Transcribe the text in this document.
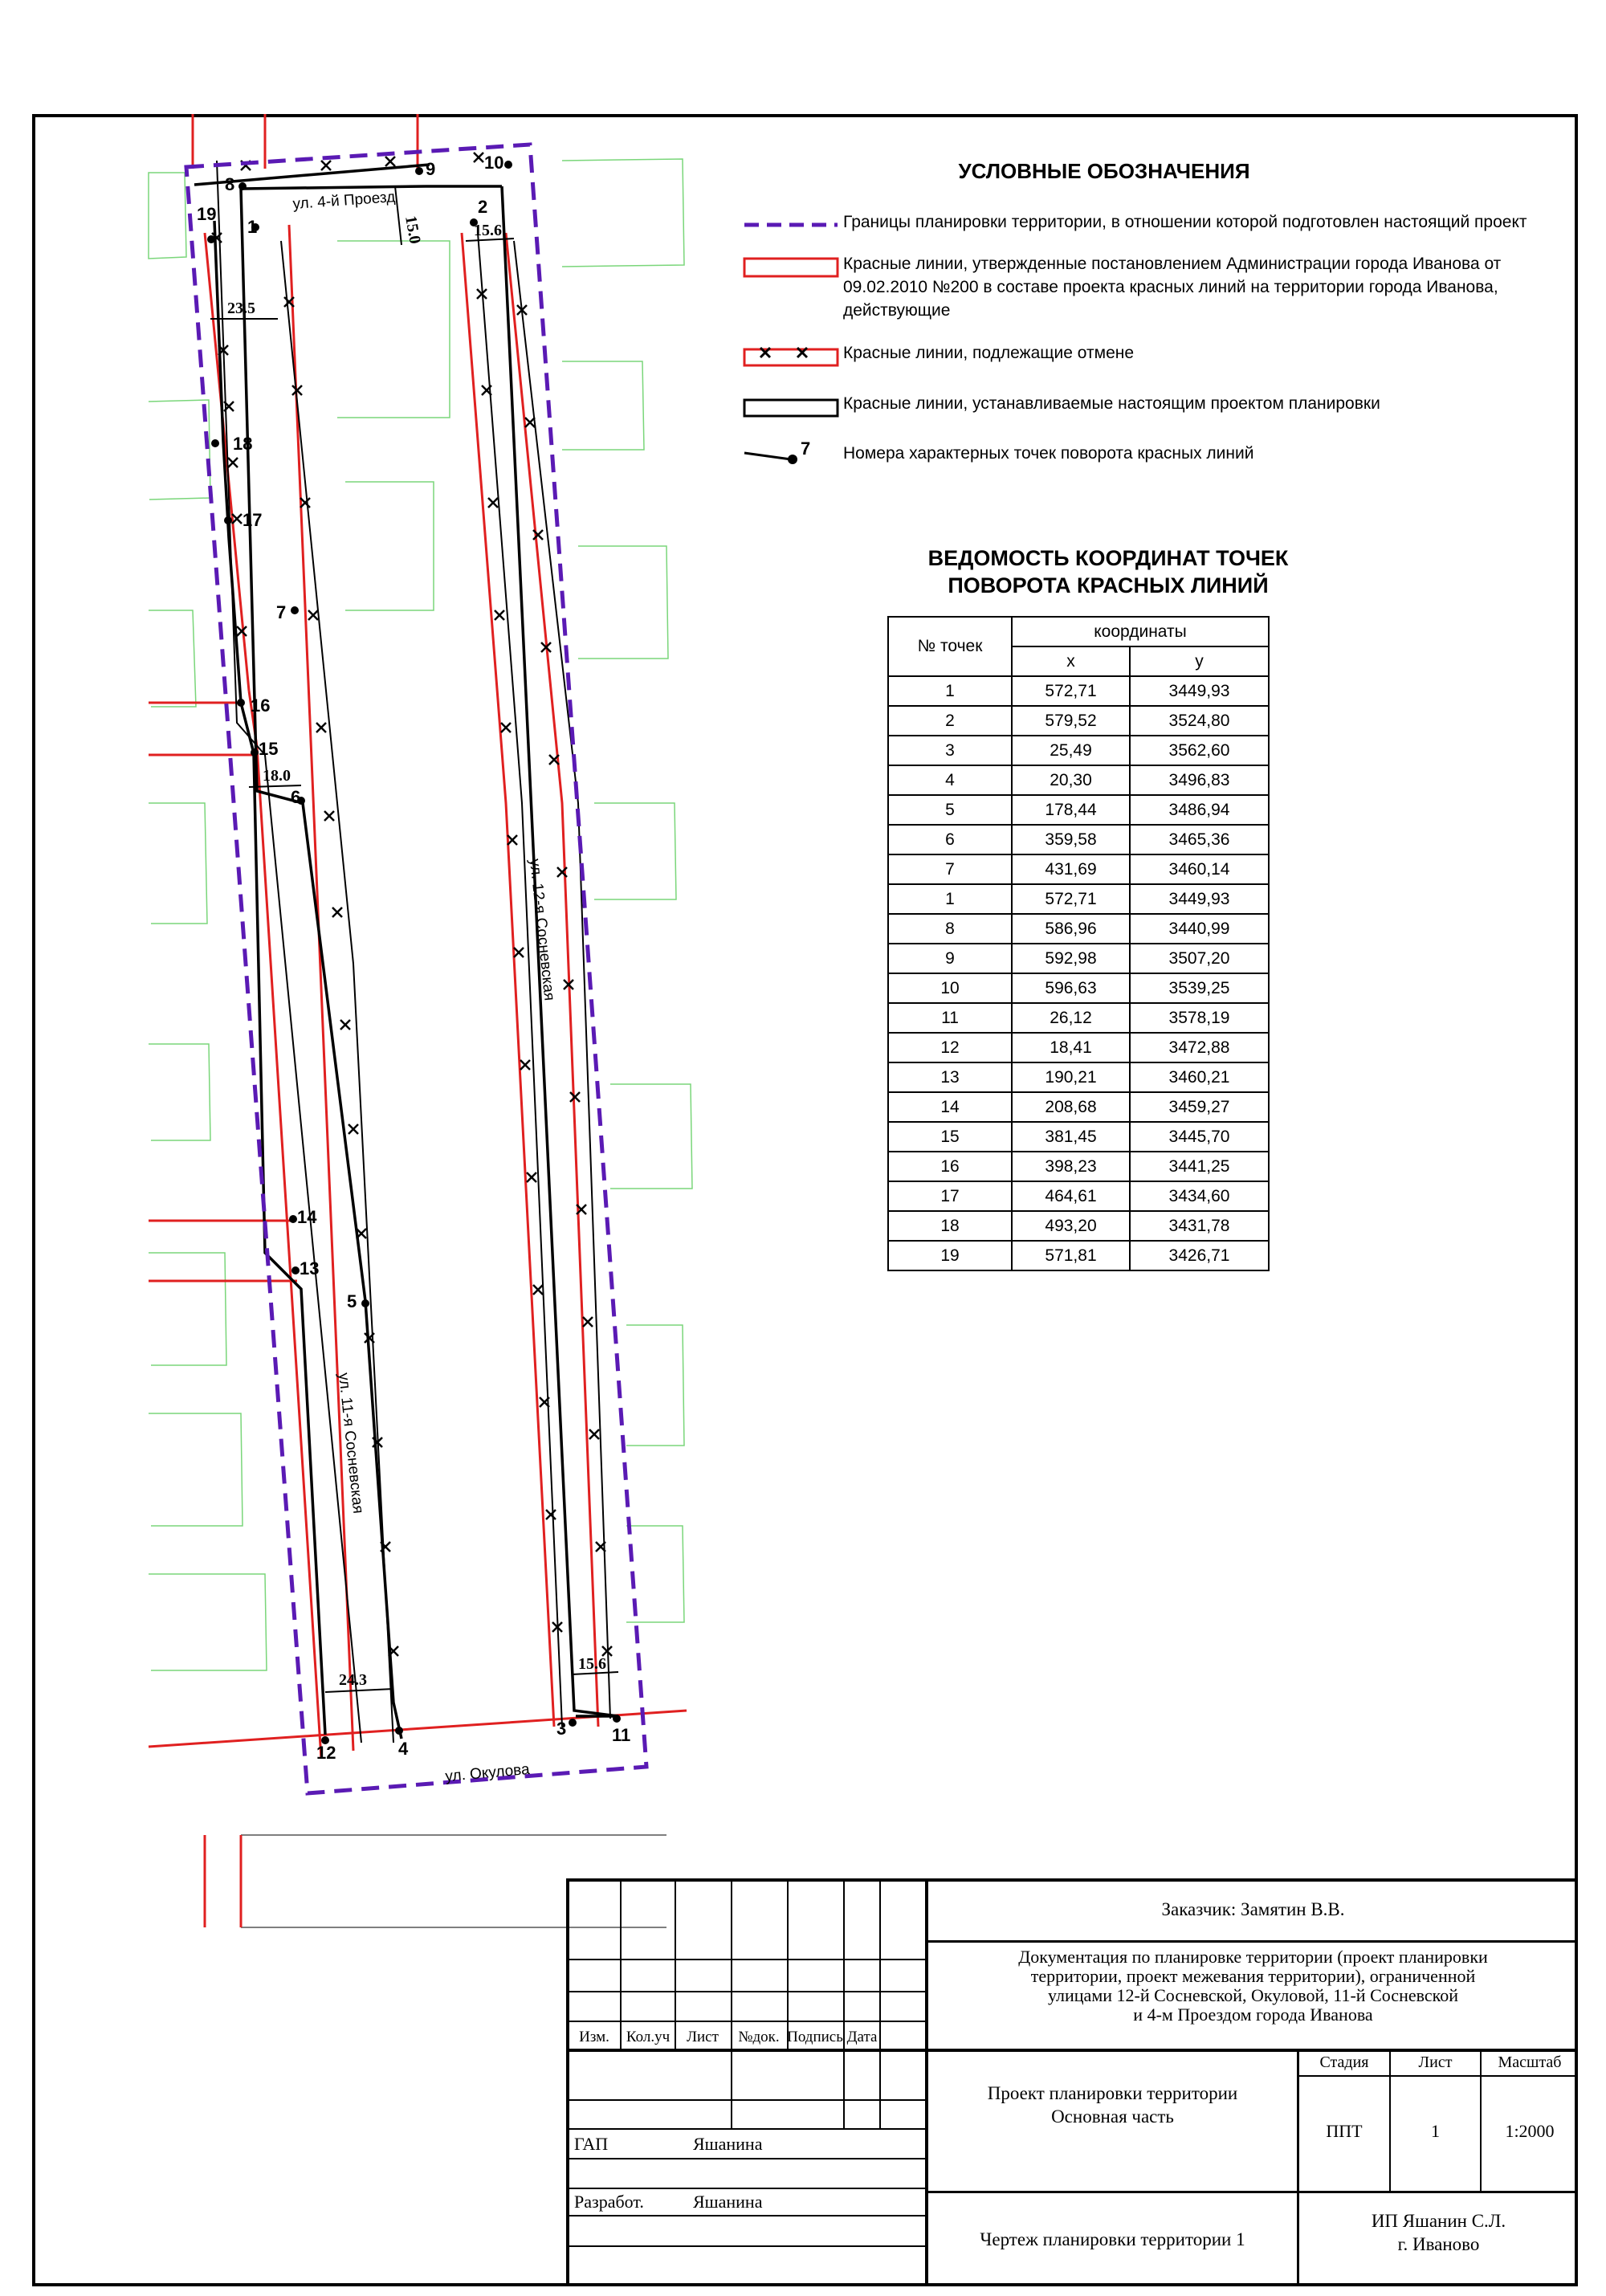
1
2
3
4
5
6
7
8
9	10
11
12
13
14
15
16
17
18
19
23.5
15.0	15.6
18.0
24.3
15.6
ул. 4-й Проезд
ул. 12-я Сосневская
ул. 11-я Сосневская
ул. Окулова
УСЛОВНЫЕ ОБОЗНАЧЕНИЯ
Границы планировки территории, в отношении которой подготовлен настоящий проект
Красные линии, утвержденные постановлением Администрации города Иванова от 09.02.2010 №200 в составе проекта красных линий на территории города Иванова, действующие
Красные линии, подлежащие отмене
Красные линии, устанавливаемые настоящим проектом планировки
7 Номера характерных точек поворота красных линий
ВЕДОМОСТЬ КООРДИНАТ ТОЧЕК
ПОВОРОТА КРАСНЫХ ЛИНИЙ
№ точек	координаты	
	x	y
1	572,71	3449,93
2	579,52	3524,80
3	25,49	3562,60
4	20,30	3496,83
5	178,44	3486,94
6	359,58	3465,36
7	431,69	3460,14
1	572,71	3449,93
8	586,96	3440,99
9	592,98	3507,20
10	596,63	3539,25
11	26,12	3578,19
12	18,41	3472,88
13	190,21	3460,21
14	208,68	3459,27
15	381,45	3445,70
16	398,23	3441,25
17	464,61	3434,60
18	493,20	3431,78
19	571,81	3426,71
Изм.	Кол.уч	Лист	№док. Подпись Дата
ГАП	Яшанина
Разработ.	Яшанина
Заказчик: Замятин В.В.
Документация по планировке территории (проект планировки
территории, проект межевания территории), ограниченной
улицами 12-й Сосневской, Окуловой, 11-й Сосневской
и 4-м Проездом города Иванова
Проект планировки территории
Основная часть
Стадия	Лист	Масштаб
ППТ	1	1:2000
Чертеж планировки территории 1
ИП Яшанин С.Л.
г. Иваново
